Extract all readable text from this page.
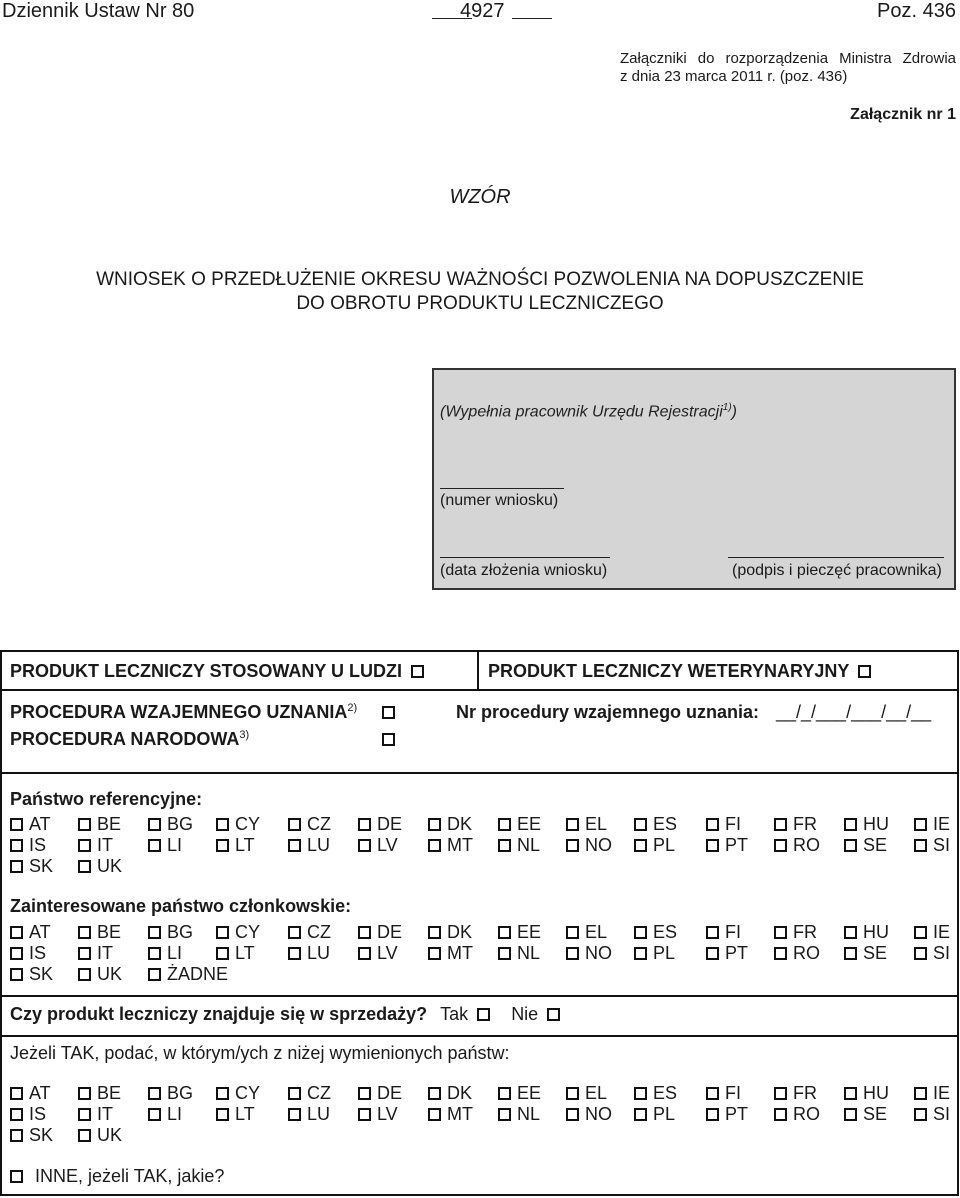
Dziennik Ustaw Nr 80	4927	Poz. 436
Załączniki do rozporządzenia Ministra Zdrowia
z dnia 23 marca 2011 r. (poz. 436)
Załącznik nr 1
WZÓR
WNIOSEK O PRZEDŁUŻENIE OKRESU WAŻNOŚCI POZWOLENIA NA DOPUSZCZENIE
DO OBROTU PRODUKTU LECZNICZEGO
(Wypełnia pracownik Urzędu Rejestracji$^{1)}$)
(numer wniosku)
(data złożenia wniosku)	(podpis i pieczęć pracownika)
PRODUKT LECZNICZY STOSOWANY U LUDZI	PRODUKT LECZNICZY WETERYNARYJNY
PROCEDURA WZAJEMNEGO UZNANIA$^{2)}$
PROCEDURA NARODOWA$^{3)}$
Nr procedury wzajemnego uznania: __/_/___/___/__/__
Państwo referencyjne:
AT	BE	BG	CY	CZ	DE	DK	EE	EL	ES	FI	FR	HU	IE
IS	IT	LI	LT	LU	LV	MT	NL	NO	PL	PT	RO	SE	SI
SK	UK
Zainteresowane państwo członkowskie:
AT	BE	BG	CY	CZ	DE	DK	EE	EL	ES	FI	FR	HU	IE
IS	IT	LI	LT	LU	LV	MT	NL	NO	PL	PT	RO	SE	SI
SK	UK	ŻADNE
Czy produkt leczniczy znajduje się w sprzedaży? Tak Nie
Jeżeli TAK, podać, w którym/ych z niżej wymienionych państw:
AT	BE	BG	CY	CZ	DE	DK	EE	EL	ES	FI	FR	HU	IE
IS	IT	LI	LT	LU	LV	MT	NL	NO	PL	PT	RO	SE	SI
SK	UK
INNE, jeżeli TAK, jakie?
